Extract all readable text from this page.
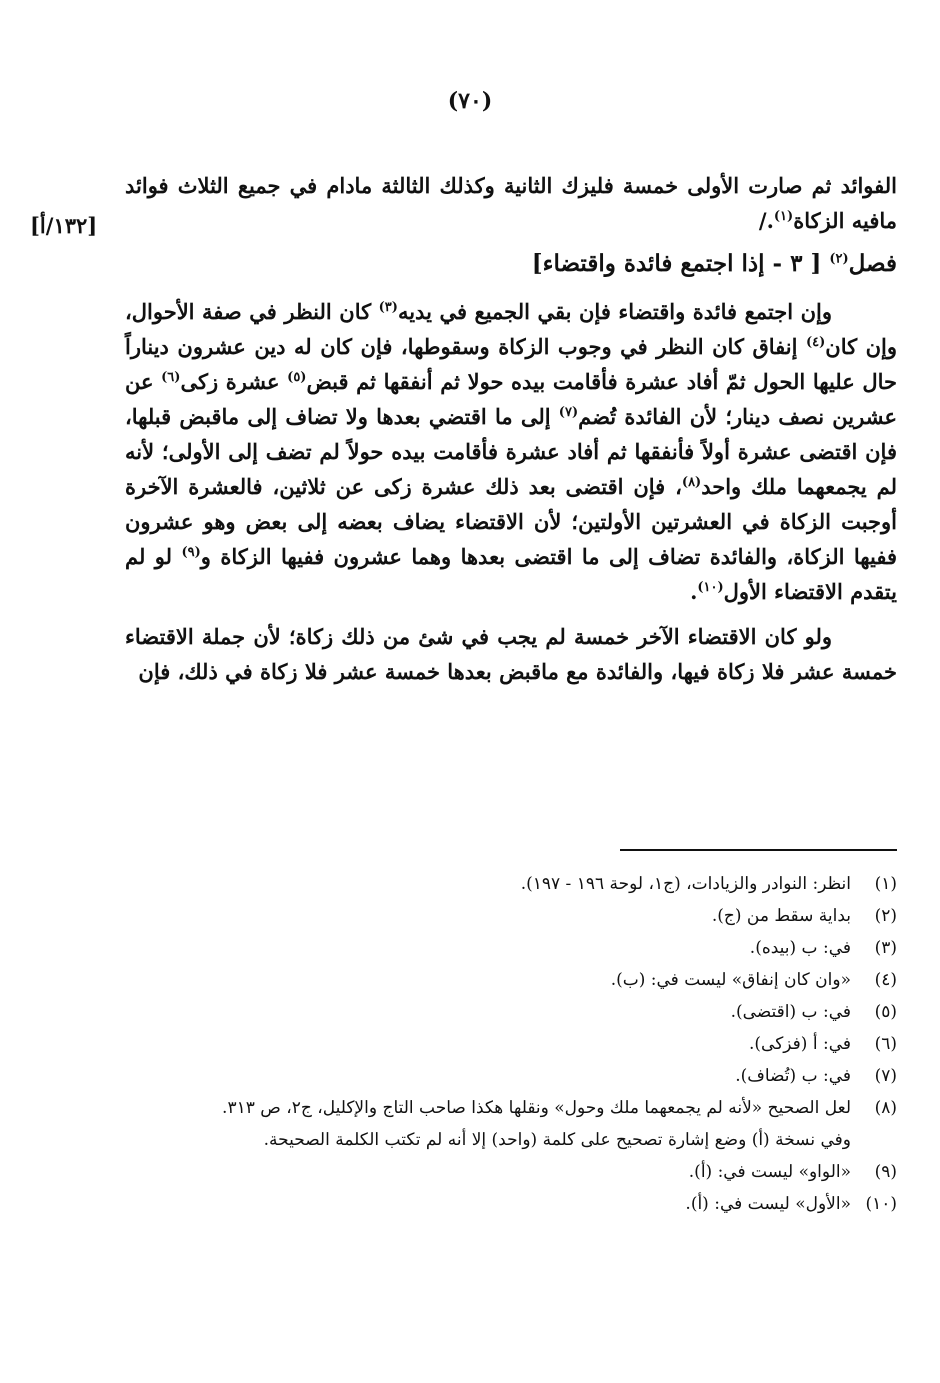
(٧٠)
[١٣٢/أ]

الفوائد ثم صارت الأولى خمسة فليزك الثانية وكذلك الثالثة مادام في جميع الثلاث فوائد مافيه الزكاة$^{(١)}$./

فصل$^{(٢)}$ [ ٣ - إذا اجتمع فائدة واقتضاء]

وإن اجتمع فائدة واقتضاء فإن بقي الجميع في يديه$^{(٣)}$ كان النظر في صفة الأحوال، وإن كان$^{(٤)}$ إنفاق كان النظر في وجوب الزكاة وسقوطها، فإن كان له دين عشرون ديناراً حال عليها الحول ثمّ أفاد عشرة فأقامت بيده حولا ثم أنفقها ثم قبض$^{(٥)}$ عشرة زكى$^{(٦)}$ عن عشرين نصف دينار؛ لأن الفائدة تُضم$^{(٧)}$ إلى ما اقتضي بعدها ولا تضاف إلى ماقبض قبلها، فإن اقتضى عشرة أولاً فأنفقها ثم أفاد عشرة فأقامت بيده حولاً لم تضف إلى الأولى؛ لأنه لم يجمعهما ملك واحد$^{(٨)}$، فإن اقتضى بعد ذلك عشرة زكى عن ثلاثين، فالعشرة الآخرة أوجبت الزكاة في العشرتين الأولتين؛ لأن الاقتضاء يضاف بعضه إلى بعض وهو عشرون ففيها الزكاة، والفائدة تضاف إلى ما اقتضى بعدها وهما عشرون ففيها الزكاة و$^{(٩)}$ لو لم يتقدم الاقتضاء الأول$^{(١٠)}$.

ولو كان الاقتضاء الآخر خمسة لم يجب في شئ من ذلك زكاة؛ لأن جملة الاقتضاء خمسة عشر فلا زكاة فيها، والفائدة مع ماقبض بعدها خمسة عشر فلا زكاة في ذلك، فإن

(١)
انظر: النوادر والزيادات، (ج١، لوحة ١٩٦ - ١٩٧).
(٢)
بداية سقط من (ج).
(٣)
في: ب (بيده).
(٤)
«وان كان إنفاق» ليست في: (ب).
(٥)
في: ب (اقتضى).
(٦)
في: أ (فزكى).
(٧)
في: ب (تُضاف).
(٨)
لعل الصحيح «لأنه لم يجمعهما ملك وحول» ونقلها هكذا صاحب التاج والإكليل، ج٢، ص ٣١٣.
وفي نسخة (أ) وضع إشارة تصحيح على كلمة (واحد) إلا أنه لم تكتب الكلمة الصحيحة.
(٩)
«الواو» ليست في: (أ).
(١٠)
«الأول» ليست في: (أ).
